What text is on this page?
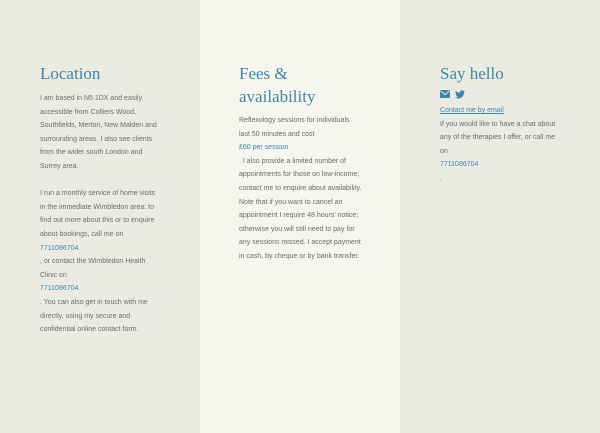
Location

I am based in N5 1DX and easily accessible from Colliers Wood, Southfields, Merton, New Malden and surrounding areas. I also see clients from the wider south London and Surrey area.

I run a monthly service of home visits in the immediate Wimbledon area: to find out more about this or to enquire about bookings, call me on

7711086704

, or contact the Wimbledon Health Clinic on

7711086704

. You can also get in touch with me directly, using my secure and confidential online contact form.

Fees & availability

Reflexology sessions for individuals last 50 minutes and cost

£60 per session

. I also provide a limited number of appointments for those on low-income; contact me to enquire about availability.

Note that if you want to cancel an appointment I require 48 hours' notice; otherwise you will still need to pay for any sessions missed. I accept payment in cash, by cheque or by bank transfer.

Say hello
Contact me by email

If you would like to have a chat about any of the therapies I offer, or call me on

7711086704

.
